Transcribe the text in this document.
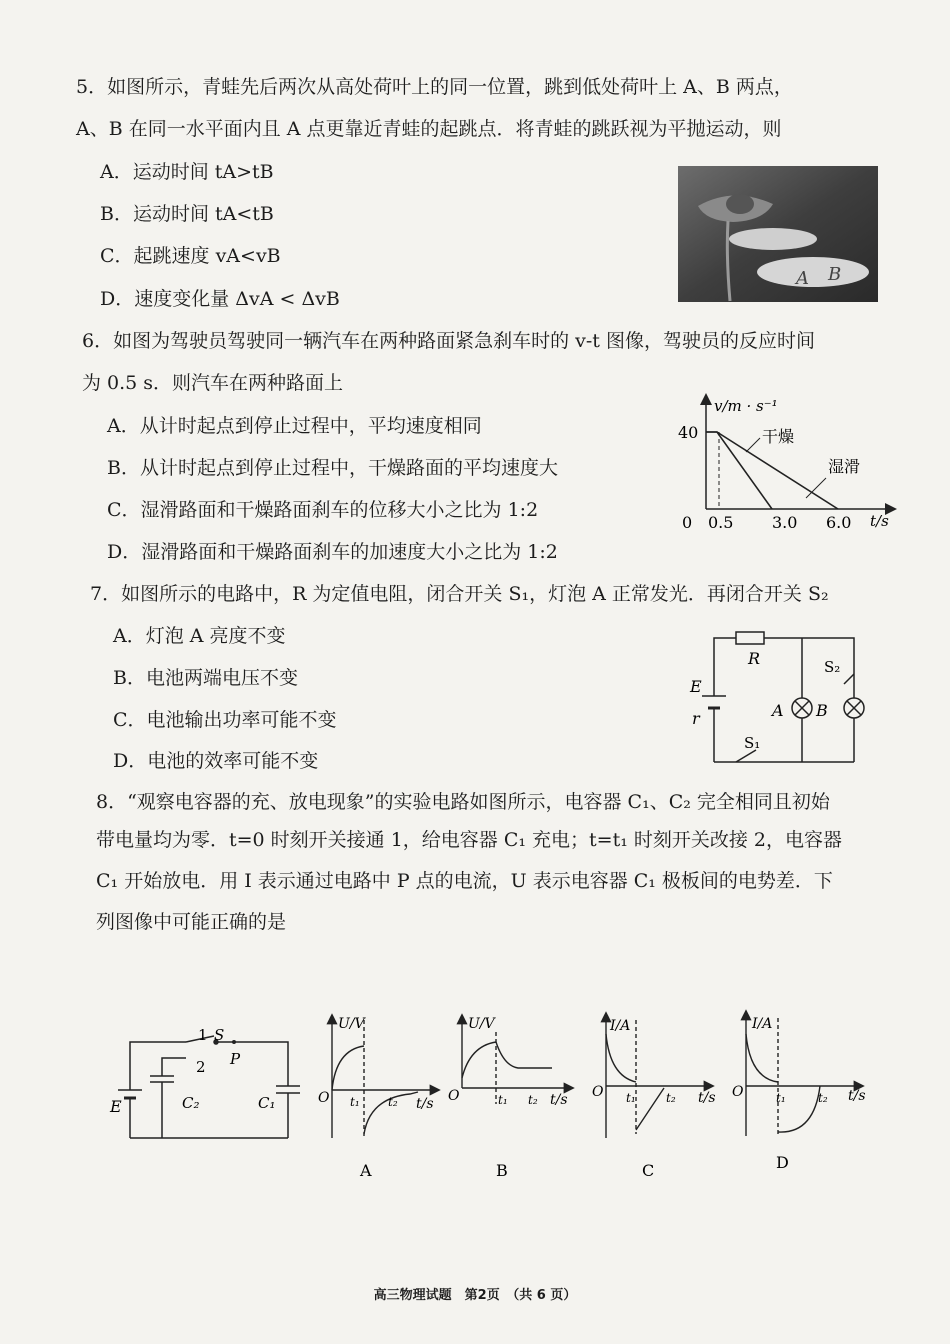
5．如图所示，青蛙先后两次从高处荷叶上的同一位置，跳到低处荷叶上 A、B 两点，
A、B 在同一水平面内且 A 点更靠近青蛙的起跳点．将青蛙的跳跃视为平抛运动，则
A．运动时间 tA>tB
B．运动时间 tA<tB
C．起跳速度 vA<vB
D．速度变化量 ΔvA < ΔvB
A B
6．如图为驾驶员驾驶同一辆汽车在两种路面紧急刹车时的 v-t 图像，驾驶员的反应时间
为 0.5 s．则汽车在两种路面上
A．从计时起点到停止过程中，平均速度相同
B．从计时起点到停止过程中，干燥路面的平均速度大
C．湿滑路面和干燥路面刹车的位移大小之比为 1:2
D．湿滑路面和干燥路面刹车的加速度大小之比为 1:2
v/m · s⁻¹
t/s
0
40
0.5 3.0 6.0
干燥
湿滑
7．如图所示的电路中，R 为定值电阻，闭合开关 S₁，灯泡 A 正常发光．再闭合开关 S₂
A．灯泡 A 亮度不变
B．电池两端电压不变
C．电池输出功率可能不变
D．电池的效率可能不变
R
E
r
S₁
S₂
A B
8．“观察电容器的充、放电现象”的实验电路如图所示，电容器 C₁、C₂ 完全相同且初始
带电量均为零．t=0 时刻开关接通 1，给电容器 C₁ 充电；t=t₁ 时刻开关改接 2，电容器
C₁ 开始放电．用 I 表示通过电路中 P 点的电流，U 表示电容器 C₁ 极板间的电势差．下
列图像中可能正确的是
1 S
2 P
E	C₂	C₁
U/V
O t₁ t₂ t/s
A
U/V
O	t₁ t₂ t/s
B
I/A
O t₁	t₂ t/s
C
I/A
O	t₁	t₂ t/s
D
高三物理试题　第2页　（共 6 页）
